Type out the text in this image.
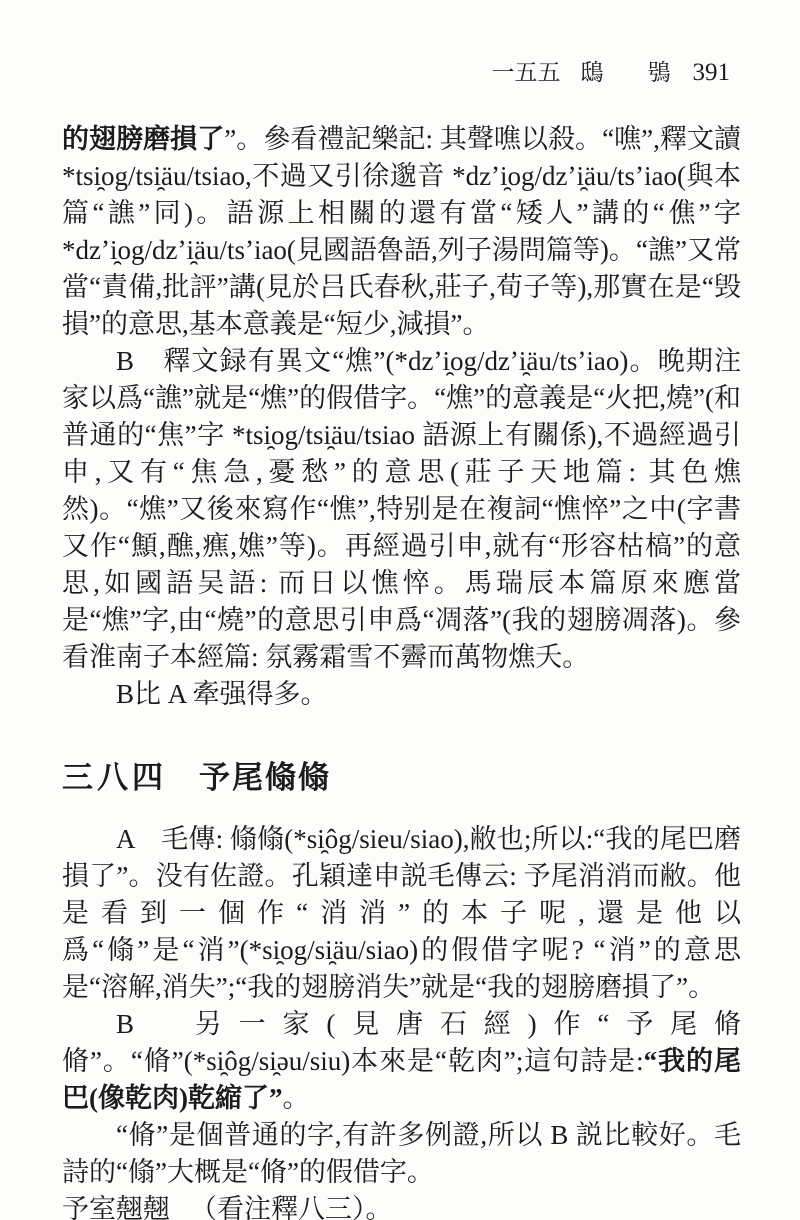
一五五 鴟 鴞 391

的翅膀磨損了”。參看禮記樂記: 其聲噍以殺。“噍”,釋文讀 *tsi̯og/tsi̯äu/tsiao,不過又引徐邈音 *dzʼi̯og/dzʼi̯äu/tsʼiao(與本篇“譙”同)。語源上相關的還有當“矮人”講的“僬”字 *dzʼi̯og/dzʼi̯äu/tsʼiao(見國語魯語,列子湯問篇等)。“譙”又常當“責備,批評”講(見於吕氏春秋,莊子,荀子等),那實在是“毁損”的意思,基本意義是“短少,減損”。

B　釋文録有異文“燋”(*dzʼi̯og/dzʼi̯äu/tsʼiao)。晚期注家以爲“譙”就是“燋”的假借字。“燋”的意義是“火把,燒”(和普通的“焦”字 *tsi̯og/tsi̯äu/tsiao 語源上有關係),不過經過引申,又有“焦急,憂愁”的意思(莊子天地篇: 其色燋然)。“燋”又後來寫作“憔”,特别是在複詞“憔悴”之中(字書又作“顦,醮,癄,嫶”等)。再經過引申,就有“形容枯槁”的意思,如國語吴語: 而日以憔悴。馬瑞辰本篇原來應當是“燋”字,由“燒”的意思引申爲“凋落”(我的翅膀凋落)。參看淮南子本經篇: 氛霧霜雪不霽而萬物燋夭。

B比 A 牽强得多。

三八四 予尾翛翛

A　毛傳: 翛翛(*si̯ôg/sieu/siao),敝也;所以:“我的尾巴磨損了”。没有佐證。孔穎達申説毛傳云: 予尾消消而敝。他是看到一個作“消消”的本子呢,還是他以爲“翛”是“消”(*si̯og/si̯äu/siao)的假借字呢? “消”的意思是“溶解,消失”;“我的翅膀消失”就是“我的翅膀磨損了”。

B　另一家(見唐石經)作“予尾脩脩”。“脩”(*si̯ôg/si̯əu/siu)本來是“乾肉”;這句詩是:“我的尾巴(像乾肉)乾縮了”。

“脩”是個普通的字,有許多例證,所以 B 説比較好。毛詩的“翛”大概是“脩”的假借字。

予室翹翹 （看注釋八三）。
